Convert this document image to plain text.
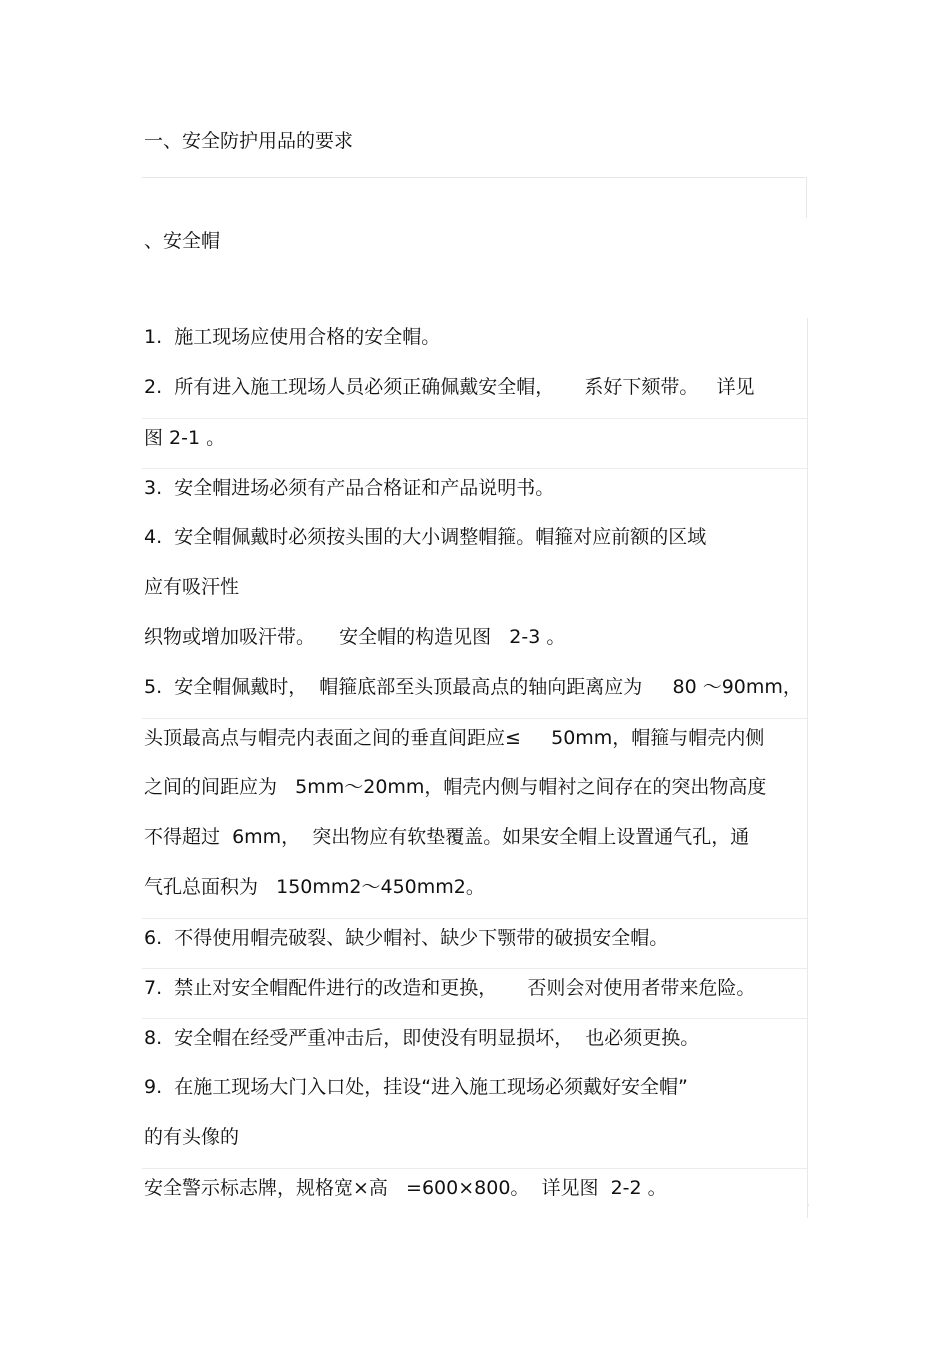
一、安全防护用品的要求
、安全帽
1.  施工现场应使用合格的安全帽。
2.  所有进入施工现场人员必须正确佩戴安全帽，     系好下颏带。   详见
图 2-1 。
3.  安全帽进场必须有产品合格证和产品说明书。
4.  安全帽佩戴时必须按头围的大小调整帽箍。帽箍对应前额的区域
应有吸汗性
织物或增加吸汗带。    安全帽的构造见图   2-3 。
5.  安全帽佩戴时，  帽箍底部至头顶最高点的轴向距离应为     80 ～90mm，
头顶最高点与帽壳内表面之间的垂直间距应≤     50mm，帽箍与帽壳内侧
之间的间距应为   5mm～20mm，帽壳内侧与帽衬之间存在的突出物高度
不得超过  6mm，  突出物应有软垫覆盖。如果安全帽上设置通气孔，通
气孔总面积为   150mm2～450mm2。
6.  不得使用帽壳破裂、缺少帽衬、缺少下颚带的破损安全帽。
7.  禁止对安全帽配件进行的改造和更换，     否则会对使用者带来危险。
8.  安全帽在经受严重冲击后，即使没有明显损坏，  也必须更换。
9.  在施工现场大门入口处，挂设“进入施工现场必须戴好安全帽”
的有头像的
安全警示标志牌，规格宽×高   =600×800。  详见图  2-2 。
